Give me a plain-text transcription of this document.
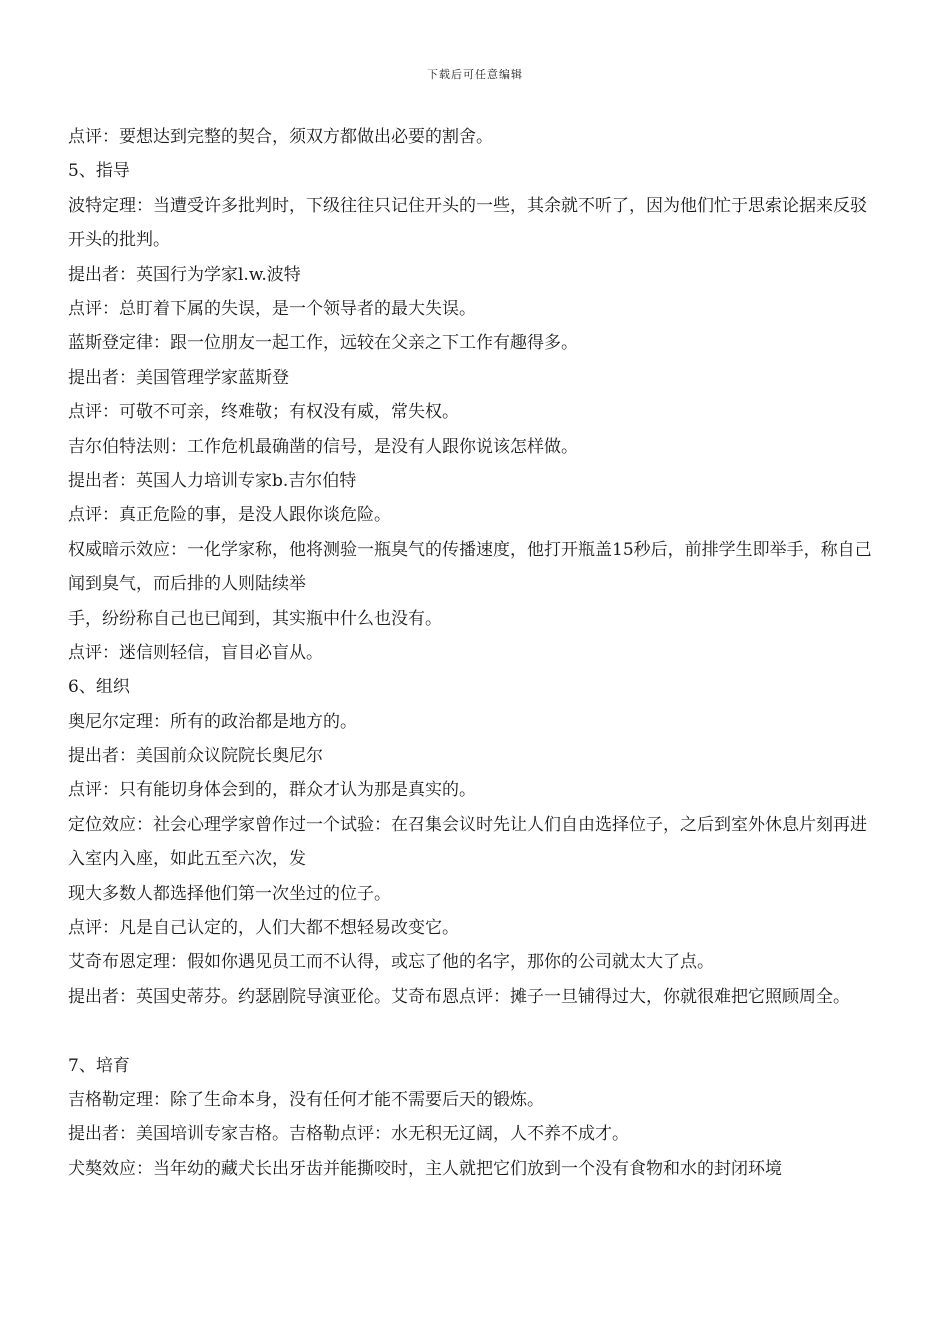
下载后可任意编辑
点评：要想达到完整的契合，须双方都做出必要的割舍。
5、指导
波特定理：当遭受许多批判时，下级往往只记住开头的一些，其余就不听了，因为他们忙于思索论据来反驳开头的批判。
提出者：英国行为学家l.w.波特
点评：总盯着下属的失误，是一个领导者的最大失误。
蓝斯登定律：跟一位朋友一起工作，远较在父亲之下工作有趣得多。
提出者：美国管理学家蓝斯登
点评：可敬不可亲，终难敬；有权没有威，常失权。
吉尔伯特法则：工作危机最确凿的信号，是没有人跟你说该怎样做。
提出者：英国人力培训专家b.吉尔伯特
点评：真正危险的事，是没人跟你谈危险。
权威暗示效应：一化学家称，他将测验一瓶臭气的传播速度，他打开瓶盖15秒后，前排学生即举手，称自己闻到臭气，而后排的人则陆续举
手，纷纷称自己也已闻到，其实瓶中什么也没有。
点评：迷信则轻信，盲目必盲从。
6、组织
奥尼尔定理：所有的政治都是地方的。
提出者：美国前众议院院长奥尼尔
点评：只有能切身体会到的，群众才认为那是真实的。
定位效应：社会心理学家曾作过一个试验：在召集会议时先让人们自由选择位子，之后到室外休息片刻再进入室内入座，如此五至六次，发
现大多数人都选择他们第一次坐过的位子。
点评：凡是自己认定的，人们大都不想轻易改变它。
艾奇布恩定理：假如你遇见员工而不认得，或忘了他的名字，那你的公司就太大了点。
提出者：英国史蒂芬。约瑟剧院导演亚伦。艾奇布恩点评：摊子一旦铺得过大，你就很难把它照顾周全。
7、培育
吉格勒定理：除了生命本身，没有任何才能不需要后天的锻炼。
提出者：美国培训专家吉格。吉格勒点评：水无积无辽阔，人不养不成才。
犬獒效应：当年幼的藏犬长出牙齿并能撕咬时，主人就把它们放到一个没有食物和水的封闭环境
